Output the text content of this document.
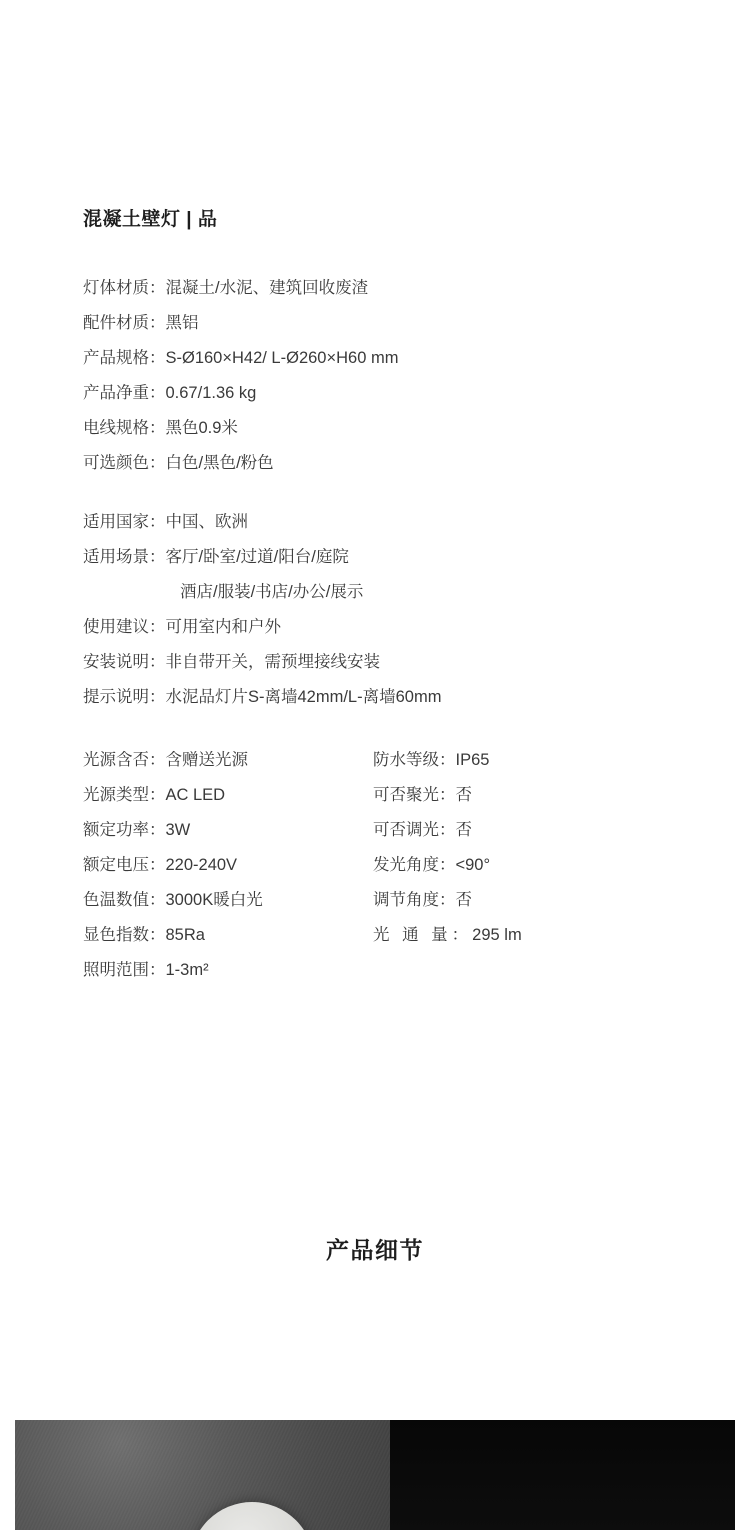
混凝土壁灯 | 品
灯体材质： 混凝土/水泥、建筑回收废渣
配件材质： 黑铝
产品规格： S-Ø160×H42/ L-Ø260×H60 mm
产品净重： 0.67/1.36 kg
电线规格： 黑色0.9米
可选颜色： 白色/黑色/粉色
适用国家： 中国、欧洲
适用场景： 客厅/卧室/过道/阳台/庭院
酒店/服装/书店/办公/展示
使用建议： 可用室内和户外
安装说明： 非自带开关，需预埋接线安装
提示说明： 水泥品灯片S-离墙42mm/L-离墙60mm
光源含否： 含赠送光源
光源类型： AC LED
额定功率： 3W
额定电压： 220-240V
色温数值： 3000K暖白光
显色指数： 85Ra
照明范围： 1-3m²
防水等级： IP65
可否聚光： 否
可否调光： 否
发光角度： <90°
调节角度： 否
光 通 量： 295 lm
产品细节
